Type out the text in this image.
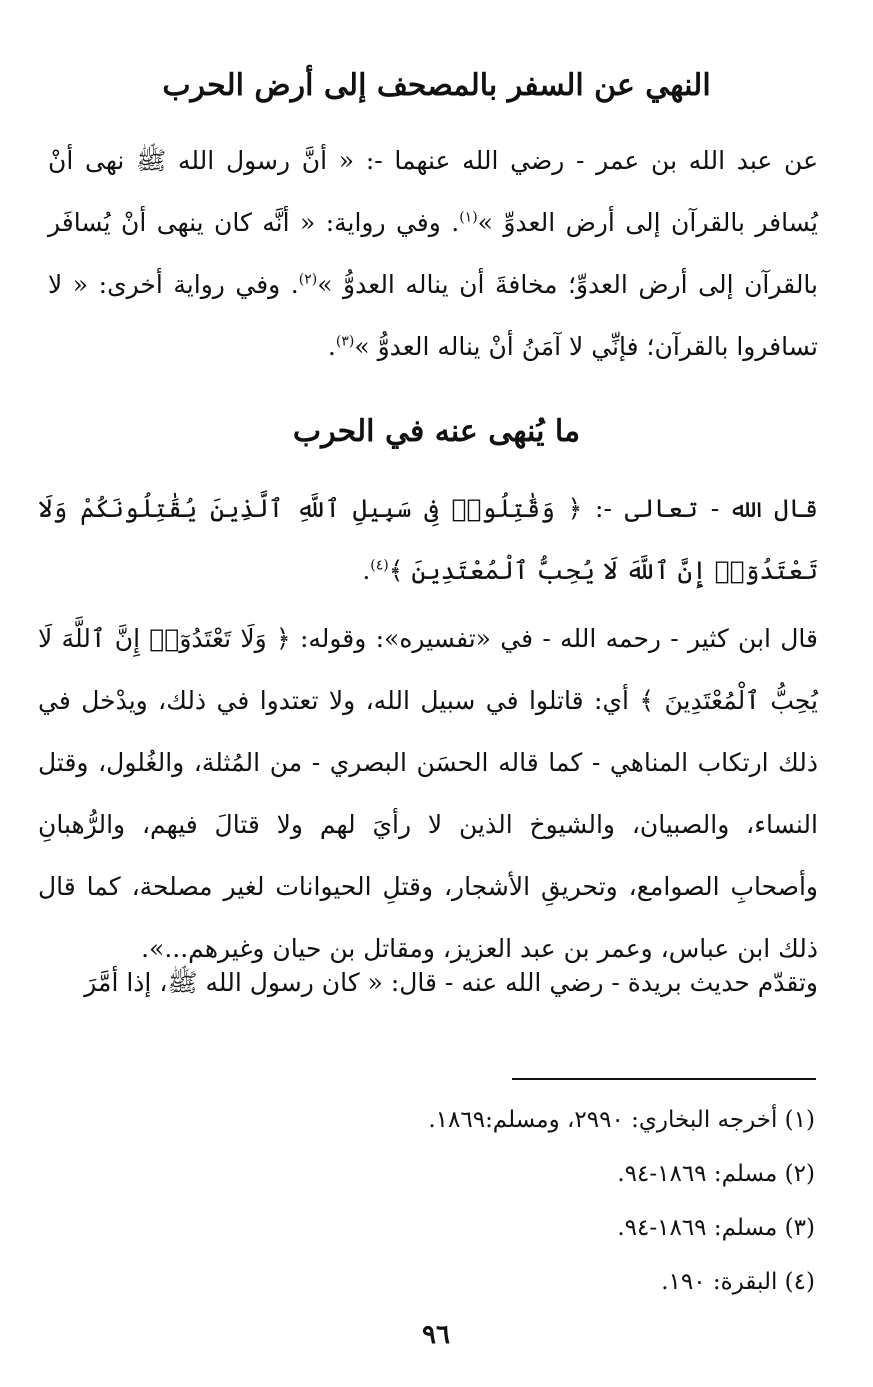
النهي عن السفر بالمصحف إلى أرض الحرب

عن عبد الله بن عمر - رضي الله عنهما -: « أنَّ رسول الله ﷺ نهى أنْ يُسافر بالقرآن إلى أرض العدوِّ »$^{(١)}$. وفي رواية: « أنَّه كان ينهى أنْ يُسافَر بالقرآن إلى أرض العدوِّ؛ مخافةَ أن يناله العدوُّ »$^{(٢)}$. وفي رواية أخرى: « لا تسافروا بالقرآن؛ فإنِّي لا آمَنُ أنْ يناله العدوُّ »$^{(٣)}$.

ما يُنهى عنه في الحرب

قال الله - تعالى -: ﴿ وَقَٰتِلُوا۟ فِى سَبِيلِ ٱللَّهِ ٱلَّذِينَ يُقَٰتِلُونَكُمْ وَلَا تَعْتَدُوٓا۟ إِنَّ ٱللَّهَ لَا يُحِبُّ ٱلْمُعْتَدِينَ ﴾$^{(٤)}$.

قال ابن كثير - رحمه الله - في «تفسيره»: وقوله: ﴿ وَلَا تَعْتَدُوٓا۟ إِنَّ ٱللَّهَ لَا يُحِبُّ ٱلْمُعْتَدِينَ ﴾ أي: قاتلوا في سبيل الله، ولا تعتدوا في ذلك، ويدْخل في ذلك ارتكاب المناهي - كما قاله الحسَن البصري - من المُثلة، والغُلول، وقتل النساء، والصبيان، والشيوخ الذين لا رأيَ لهم ولا قتالَ فيهم، والرُّهبانِ وأصحابِ الصوامع، وتحريقِ الأشجار، وقتلِ الحيوانات لغير مصلحة، كما قال ذلك ابن عباس، وعمر بن عبد العزيز، ومقاتل بن حيان وغيرهم...».

وتقدّم حديث بريدة - رضي الله عنه - قال: « كان رسول الله ﷺ، إذا أمَّرَ

(١) أخرجه البخاري: ٢٩٩٠، ومسلم:١٨٦٩.
(٢) مسلم: ١٨٦٩-٩٤.
(٣) مسلم: ١٨٦٩-٩٤.
(٤) البقرة: ١٩٠.
٩٦
